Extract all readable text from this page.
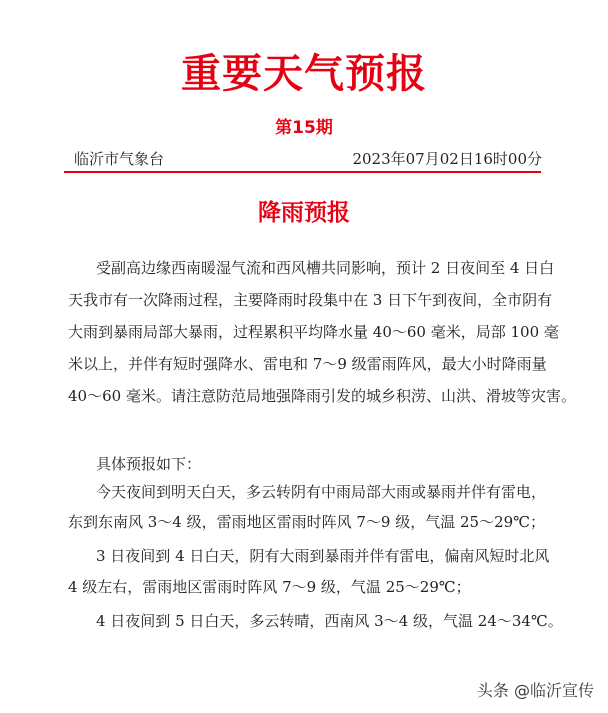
重要天气预报
第15期
临沂市气象台	2023年07月02日16时00分
降雨预报
受副高边缘西南暖湿气流和西风槽共同影响，预计 2 日夜间至 4 日白
天我市有一次降雨过程，主要降雨时段集中在 3 日下午到夜间，全市阴有
大雨到暴雨局部大暴雨，过程累积平均降水量 40～60 毫米，局部 100 毫
米以上，并伴有短时强降水、雷电和 7～9 级雷雨阵风，最大小时降雨量
40～60 毫米。请注意防范局地强降雨引发的城乡积涝、山洪、滑坡等灾害。
具体预报如下：
今天夜间到明天白天，多云转阴有中雨局部大雨或暴雨并伴有雷电，
东到东南风 3～4 级，雷雨地区雷雨时阵风 7～9 级，气温 25～29℃；
3 日夜间到 4 日白天，阴有大雨到暴雨并伴有雷电，偏南风短时北风
4 级左右，雷雨地区雷雨时阵风 7～9 级，气温 25～29℃；
4 日夜间到 5 日白天，多云转晴，西南风 3～4 级，气温 24～34℃。
头条 @临沂宣传
